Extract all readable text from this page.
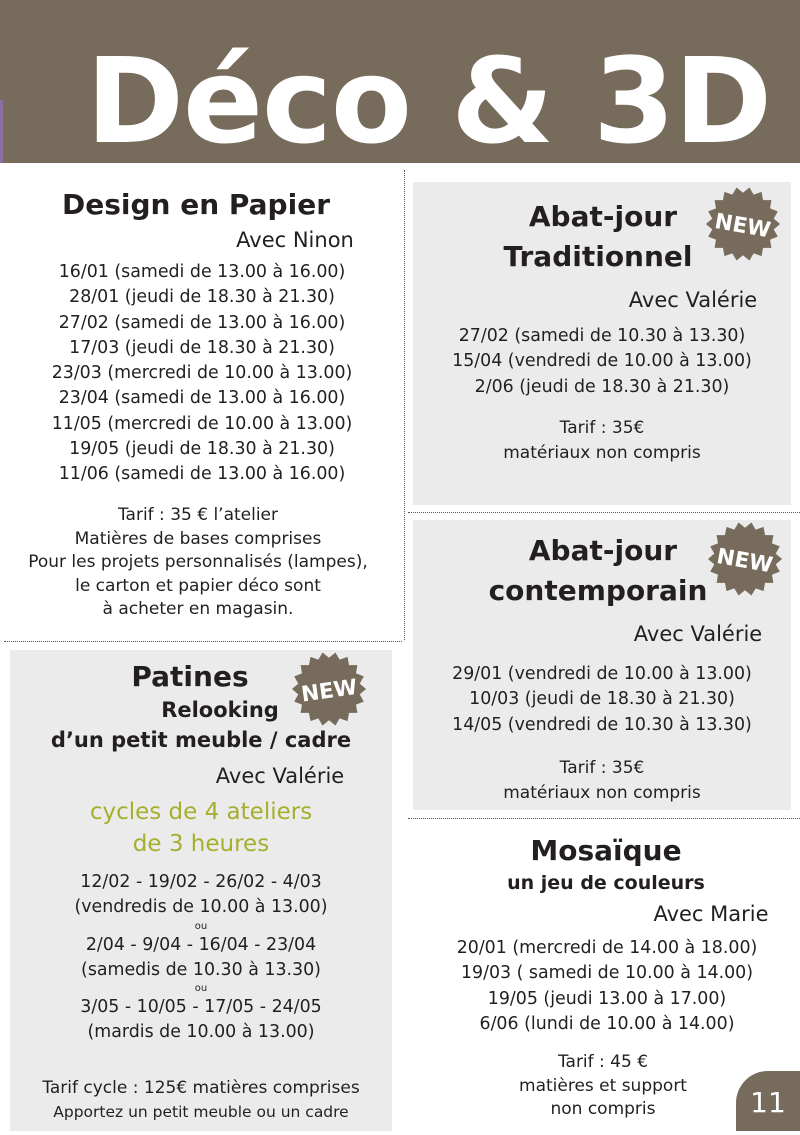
Déco & 3D
Design en Papier
Avec Ninon
16/01 (samedi de 13.00 à 16.00)
28/01 (jeudi de 18.30 à 21.30)
27/02 (samedi de 13.00 à 16.00)
17/03 (jeudi de 18.30 à 21.30)
23/03 (mercredi de 10.00 à 13.00)
23/04 (samedi de 13.00 à 16.00)
11/05 (mercredi de 10.00 à 13.00)
19/05 (jeudi de 18.30 à 21.30)
11/06 (samedi de 13.00 à 16.00)
Tarif : 35 € l’atelier
Matières de bases comprises
Pour les projets personnalisés (lampes),
le carton et papier déco sont
à acheter en magasin.
Patines
Relooking
d’un petit meuble / cadre
Avec Valérie
cycles de 4 ateliers
de 3 heures
12/02 - 19/02 - 26/02 - 4/03
(vendredis de 10.00 à 13.00)
ou
2/04 - 9/04 - 16/04 - 23/04
(samedis de 10.30 à 13.30)
ou
3/05 - 10/05 - 17/05 - 24/05
(mardis de 10.00 à 13.00)
Tarif cycle : 125€ matières comprises
Apportez un petit meuble ou un cadre
Abat-jour
Traditionnel
Avec Valérie
27/02 (samedi de 10.30 à 13.30)
15/04 (vendredi de 10.00 à 13.00)
2/06 (jeudi de 18.30 à 21.30)
Tarif : 35€
matériaux non compris
Abat-jour
contemporain
Avec Valérie
29/01 (vendredi de 10.00 à 13.00)
10/03 (jeudi de 18.30 à 21.30)
14/05 (vendredi de 10.30 à 13.30)
Tarif : 35€
matériaux non compris
Mosaïque
un jeu de couleurs
Avec Marie
20/01 (mercredi de 14.00 à 18.00)
19/03 ( samedi de 10.00 à 14.00)
19/05 (jeudi 13.00 à 17.00)
6/06 (lundi de 10.00 à 14.00)
Tarif : 45 €
matières et support
non compris
NEW
NEW
NEW
11
